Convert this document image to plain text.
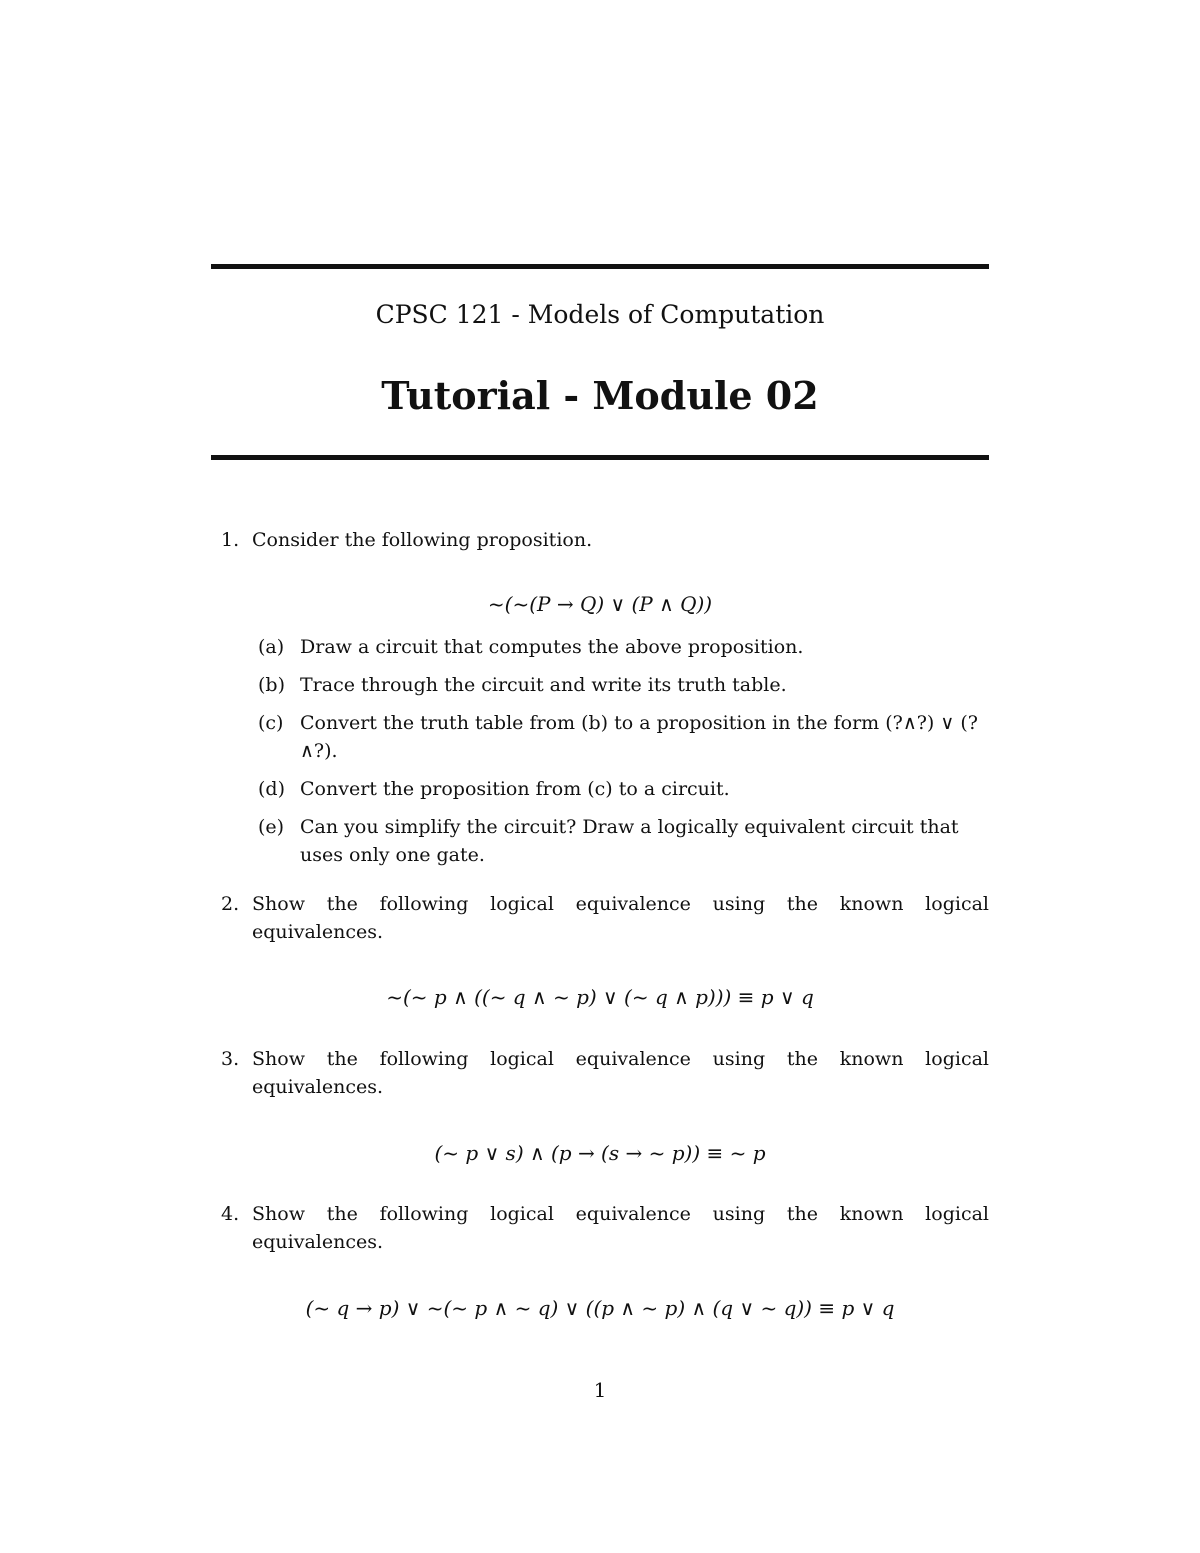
CPSC 121 - Models of Computation
Tutorial - Module 02
1. Consider the following proposition.
~(~(P → Q) ∨ (P ∧ Q))
(a) Draw a circuit that computes the above proposition.
(b) Trace through the circuit and write its truth table.
(c) Convert the truth table from (b) to a proposition in the form (?∧?) ∨ (?∧?).
(d) Convert the proposition from (c) to a circuit.
(e) Can you simplify the circuit? Draw a logically equivalent circuit that uses only one gate.
2. Show the following logical equivalence using the known logical equivalences.
~(~ p ∧ ((~ q ∧ ~ p) ∨ (~ q ∧ p))) ≡ p ∨ q
3. Show the following logical equivalence using the known logical equivalences.
(~ p ∨ s) ∧ (p → (s → ~ p)) ≡ ~ p
4. Show the following logical equivalence using the known logical equivalences.
(~ q → p) ∨ ~(~ p ∧ ~ q) ∨ ((p ∧ ~ p) ∧ (q ∨ ~ q)) ≡ p ∨ q
1
